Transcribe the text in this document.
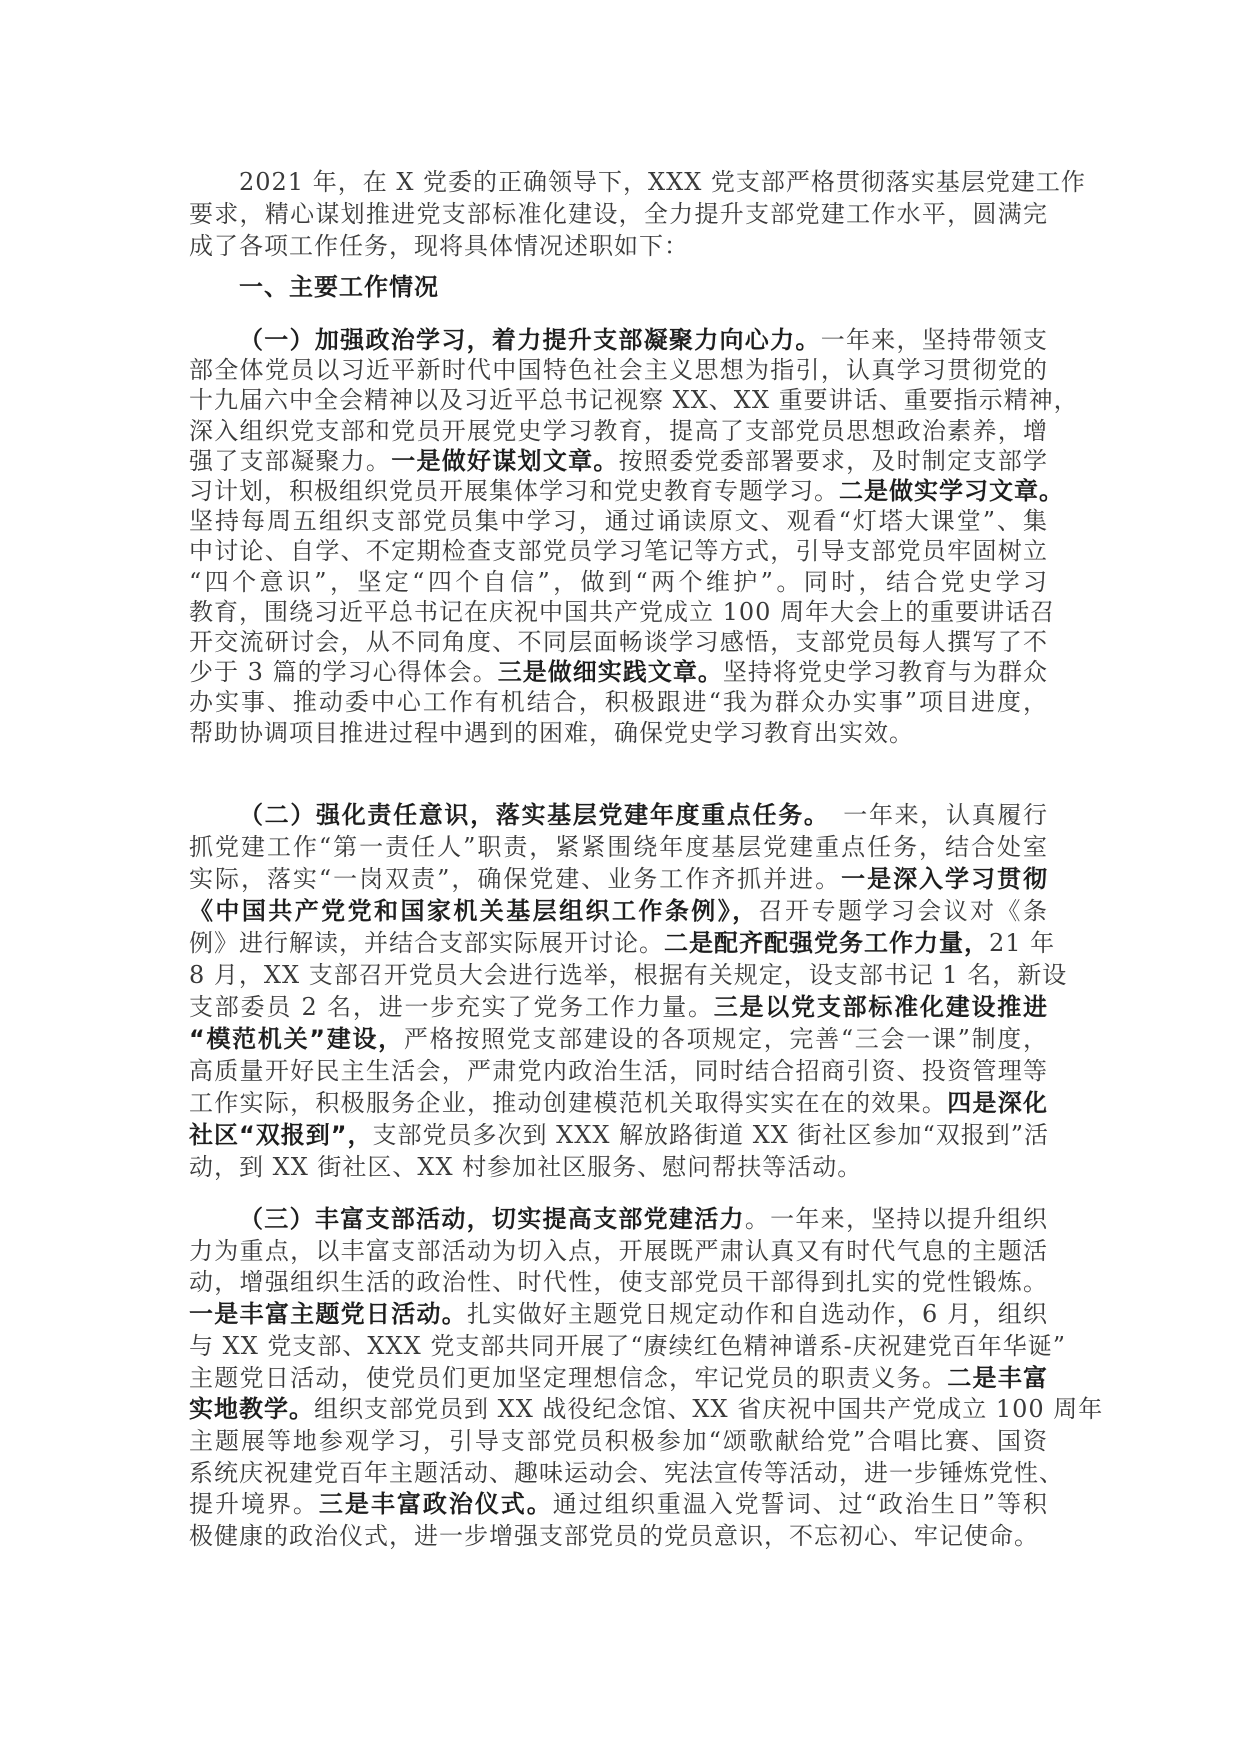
2021 年，在 X 党委的正确领导下，XXX 党支部严格贯彻落实基层党建工作
要求，精心谋划推进党支部标准化建设，全力提升支部党建工作水平，圆满完
成了各项工作任务，现将具体情况述职如下：
一、主要工作情况
（一）加强政治学习，着力提升支部凝聚力向心力。一年来，坚持带领支
部全体党员以习近平新时代中国特色社会主义思想为指引，认真学习贯彻党的
十九届六中全会精神以及习近平总书记视察 XX、XX 重要讲话、重要指示精神，
深入组织党支部和党员开展党史学习教育，提高了支部党员思想政治素养，增
强了支部凝聚力。一是做好谋划文章。按照委党委部署要求，及时制定支部学
习计划，积极组织党员开展集体学习和党史教育专题学习。二是做实学习文章。
坚持每周五组织支部党员集中学习，通过诵读原文、观看“灯塔大课堂”、集
中讨论、自学、不定期检查支部党员学习笔记等方式，引导支部党员牢固树立
“四个意识”，坚定“四个自信”，做到“两个维护”。同时，结合党史学习
教育，围绕习近平总书记在庆祝中国共产党成立 100 周年大会上的重要讲话召
开交流研讨会，从不同角度、不同层面畅谈学习感悟，支部党员每人撰写了不
少于 3 篇的学习心得体会。三是做细实践文章。坚持将党史学习教育与为群众
办实事、推动委中心工作有机结合，积极跟进“我为群众办实事”项目进度，
帮助协调项目推进过程中遇到的困难，确保党史学习教育出实效。
（二）强化责任意识，落实基层党建年度重点任务。　一年来，认真履行
抓党建工作“第一责任人”职责，紧紧围绕年度基层党建重点任务，结合处室
实际，落实“一岗双责”，确保党建、业务工作齐抓并进。一是深入学习贯彻
《中国共产党党和国家机关基层组织工作条例》，召开专题学习会议对《条
例》进行解读，并结合支部实际展开讨论。二是配齐配强党务工作力量，21 年
8 月，XX 支部召开党员大会进行选举，根据有关规定，设支部书记 1 名，新设
支部委员 2 名，进一步充实了党务工作力量。三是以党支部标准化建设推进
“模范机关”建设，严格按照党支部建设的各项规定，完善“三会一课”制度，
高质量开好民主生活会，严肃党内政治生活，同时结合招商引资、投资管理等
工作实际，积极服务企业，推动创建模范机关取得实实在在的效果。四是深化
社区“双报到”，支部党员多次到 XXX 解放路街道 XX 街社区参加“双报到”活
动，到 XX 街社区、XX 村参加社区服务、慰问帮扶等活动。
（三）丰富支部活动，切实提高支部党建活力。一年来，坚持以提升组织
力为重点，以丰富支部活动为切入点，开展既严肃认真又有时代气息的主题活
动，增强组织生活的政治性、时代性，使支部党员干部得到扎实的党性锻炼。
一是丰富主题党日活动。扎实做好主题党日规定动作和自选动作，6 月，组织
与 XX 党支部、XXX 党支部共同开展了“赓续红色精神谱系-庆祝建党百年华诞”
主题党日活动，使党员们更加坚定理想信念，牢记党员的职责义务。二是丰富
实地教学。组织支部党员到 XX 战役纪念馆、XX 省庆祝中国共产党成立 100 周年
主题展等地参观学习，引导支部党员积极参加“颂歌献给党”合唱比赛、国资
系统庆祝建党百年主题活动、趣味运动会、宪法宣传等活动，进一步锤炼党性、
提升境界。三是丰富政治仪式。通过组织重温入党誓词、过“政治生日”等积
极健康的政治仪式，进一步增强支部党员的党员意识，不忘初心、牢记使命。
